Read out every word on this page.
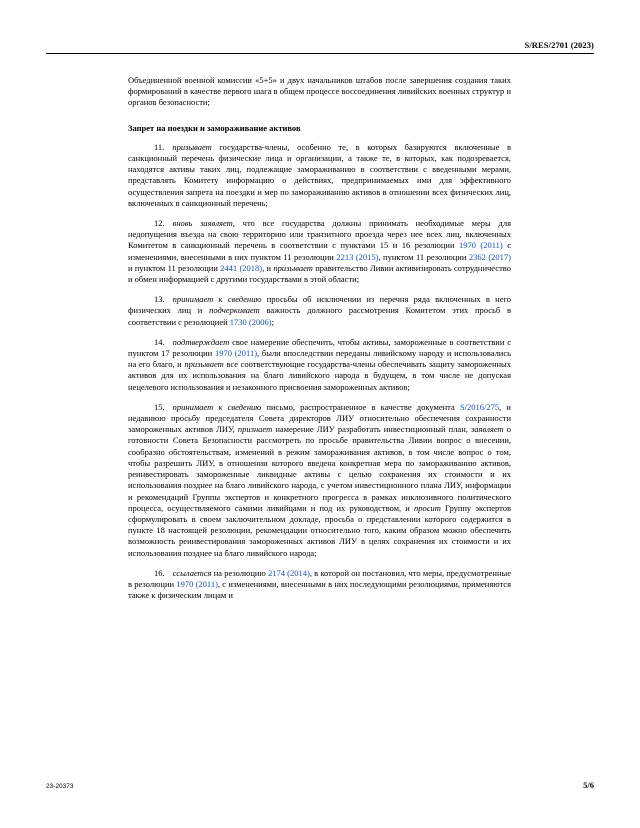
S/RES/2701 (2023)

Объединенной военной комиссии «5+5» и двух начальников штабов после завершения создания таких формирований в качестве первого шага в общем процессе воссоединения ливийских военных структур и органов безопасности;

Запрет на поездки и замораживание активов

11. призывает государства-члены, особенно те, в которых базируются включенные в санкционный перечень физические лица и организации, а также те, в которых, как подозревается, находятся активы таких лиц, подлежащие замораживанию в соответствии с введенными мерами, представлять Комитету информацию о действиях, предпринимаемых ими для эффективного осуществления запрета на поездки и мер по замораживанию активов в отношении всех физических лиц, включенных в санкционный перечень;

12. вновь заявляет, что все государства должны принимать необходимые меры для недопущения въезда на свою территорию или транзитного проезда через нее всех лиц, включенных Комитетом в санкционный перечень в соответствии с пунктами 15 и 16 резолюции 1970 (2011) с изменениями, внесенными в них пунктом 11 резолюции 2213 (2015), пунктом 11 резолюции 2362 (2017) и пунктом 11 резолюции 2441 (2018), и призывает правительство Ливии активизировать сотрудничество и обмен информацией с другими государствами в этой области;

13. принимает к сведению просьбы об исключении из перечня ряда включенных в него физических лиц и подчеркивает важность должного рассмотрения Комитетом этих просьб в соответствии с резолюцией 1730 (2006);

14. подтверждает свое намерение обеспечить, чтобы активы, замороженные в соответствии с пунктом 17 резолюции 1970 (2011), были впоследствии переданы ливийскому народу и использовались на его благо, и призывает все соответствующие государства-члены обеспечивать защиту замороженных активов для их использования на благо ливийского народа в будущем, в том числе не допуская нецелевого использования и незаконного присвоения замороженных активов;

15. принимает к сведению письмо, распространенное в качестве документа S/2016/275, и недавнюю просьбу председателя Совета директоров ЛИУ относительно обеспечения сохранности замороженных активов ЛИУ, признает намерение ЛИУ разработать инвестиционный план, заявляет о готовности Совета Безопасности рассмотреть по просьбе правительства Ливии вопрос о внесении, сообразно обстоятельствам, изменений в режим замораживания активов, в том числе вопрос о том, чтобы разрешить ЛИУ, в отношении которого введена конкретная мера по замораживанию активов, реинвестировать замороженные ликвидные активы с целью сохранения их стоимости и их использования позднее на благо ливийского народа, с учетом инвестиционного плана ЛИУ, информации и рекомендаций Группы экспертов и конкретного прогресса в рамках инклюзивного политического процесса, осуществляемого самими ливийцами и под их руководством, и просит Группу экспертов сформулировать в своем заключительном докладе, просьба о представлении которого содержится в пункте 18 настоящей резолюции, рекомендации относительно того, каким образом можно обеспечить возможность реинвестирования замороженных активов ЛИУ в целях сохранения их стоимости и их использования позднее на благо ливийского народа;

16. ссылается на резолюцию 2174 (2014), в которой он постановил, что меры, предусмотренные в резолюции 1970 (2011), с изменениями, внесенными в них последующими резолюциями, применяются также к физическим лицам и

23-20373	5/6
